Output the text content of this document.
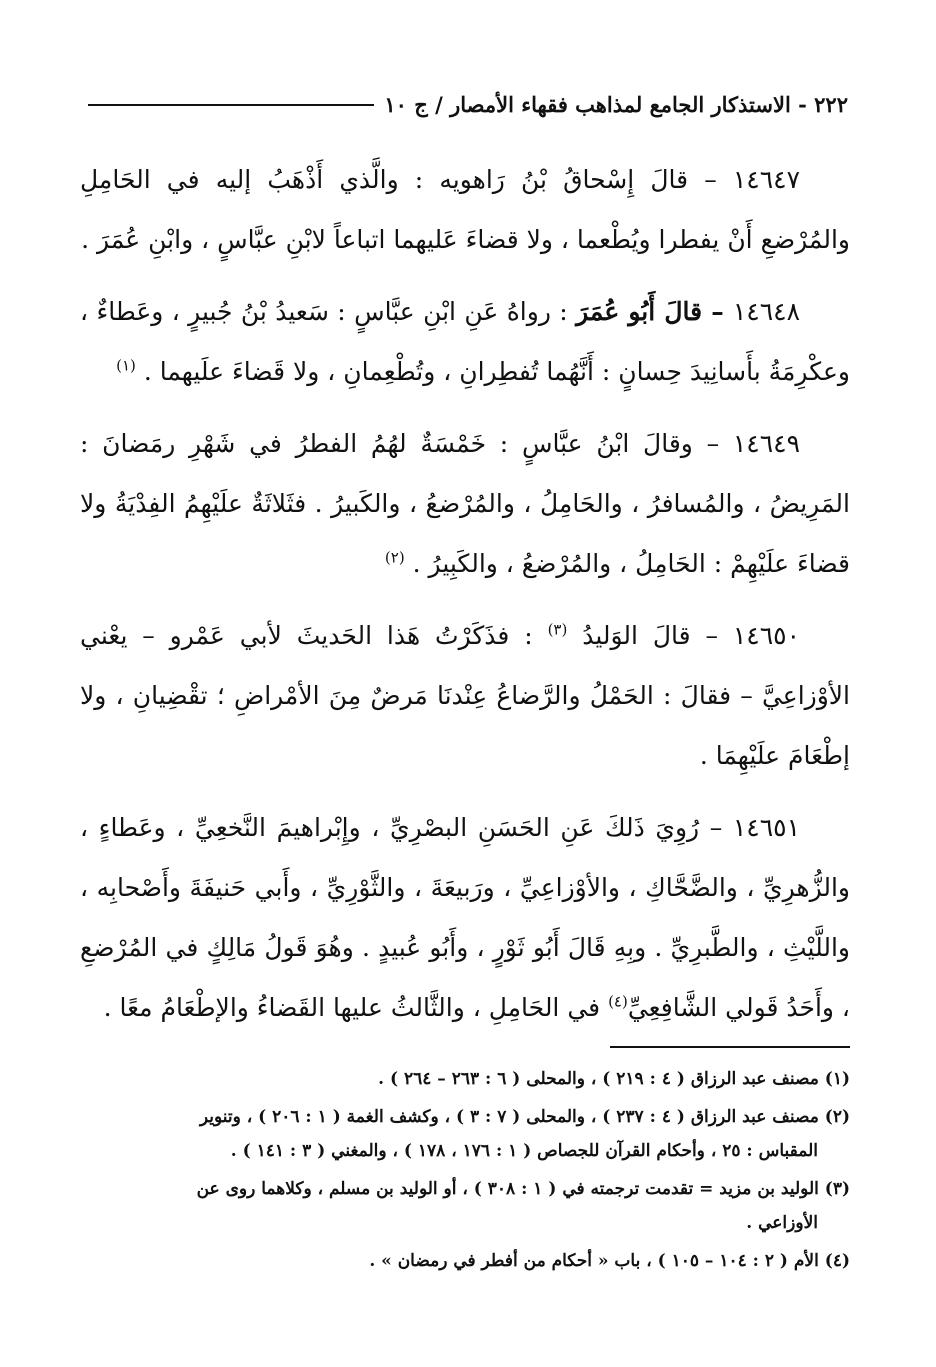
٢٢٢ - الاستذكار الجامع لمذاهب فقهاء الأمصار / ج ١٠

١٤٦٤٧ – قالَ إِسْحاقُ بْنُ رَاهويه : والَّذي أَذْهَبُ إليه في الحَامِلِ والمُرْضعِ أَنْ يفطرا ويُطْعما ، ولا قضاءَ عَليهما اتباعاً لابْنِ عبَّاسٍ ، وابْنِ عُمَرَ .

١٤٦٤٨ – قالَ أَبُو عُمَرَ : رواهُ عَنِ ابْنِ عبَّاسٍ : سَعيدُ بْنُ جُبيرٍ ، وعَطاءٌ ، وعكْرِمَةُ بأَسانِيدَ حِسانٍ : أَنَّهُما تُفطِرانِ ، وتُطْعِمانِ ، ولا قَضاءَ علَيهما . $^{(١)}$

١٤٦٤٩ – وقالَ ابْنُ عبَّاسٍ : خَمْسَةٌ لهُمُ الفطرُ في شَهْرِ رمَضانَ : المَرِيضُ ، والمُسافرُ ، والحَامِلُ ، والمُرْضعُ ، والكَبيرُ . فثَلاثَةٌ علَيْهِمُ الفِدْيَةُ ولا قضاءَ علَيْهِمْ : الحَامِلُ ، والمُرْضعُ ، والكَبِيرُ . $^{(٢)}$

١٤٦٥٠ – قالَ الوَليدُ $^{(٣)}$ : فذَكَرْتُ هَذا الحَديثَ لأبي عَمْرو – يعْني الأوْزاعِيَّ – فقالَ : الحَمْلُ والرَّضاعُ عِنْدنَا مَرضٌ مِنَ الأمْراضِ ؛ تقْضِيانِ ، ولا إطْعَامَ علَيْهِمَا .

١٤٦٥١ – رُوِيَ ذَلكَ عَنِ الحَسَنِ البصْرِيِّ ، وإِبْراهيمَ النَّخعِيِّ ، وعَطاءٍ ، والزُّهرِيِّ ، والضَّحَّاكِ ، والأوْزاعِيِّ ، ورَبيعَةَ ، والثَّوْرِيِّ ، وأَبي حَنيفَةَ وأَصْحابِه ، واللَّيْثِ ، والطَّبرِيِّ . وبِهِ قَالَ أَبُو ثَوْرٍ ، وأَبُو عُبيدٍ . وهُوَ قَولُ مَالِكٍ في المُرْضعِ ، وأَحَدُ قَولي الشَّافِعِيِّ$^{(٤)}$ في الحَامِلِ ، والثَّالثُ عليها القَضاءُ والإطْعَامُ معًا .

(١) مصنف عبد الرزاق ( ٤ : ٢١٩ ) ، والمحلى ( ٦ : ٢٦٣ – ٢٦٤ ) .

(٢) مصنف عبد الرزاق ( ٤ : ٢٣٧ ) ، والمحلى ( ٧ : ٣ ) ، وكشف الغمة ( ١ : ٢٠٦ ) ، وتنوير
المقباس : ٢٥ ، وأحكام القرآن للجصاص ( ١ : ١٧٦ ، ١٧٨ ) ، والمغني ( ٣ : ١٤١ ) .

(٣) الوليد بن مزيد = تقدمت ترجمته في ( ١ : ٣٠٨ ) ، أو الوليد بن مسلم ، وكلاهما روى عن
الأوزاعي .

(٤) الأم ( ٢ : ١٠٤ – ١٠٥ ) ، باب « أحكام من أفطر في رمضان » .
